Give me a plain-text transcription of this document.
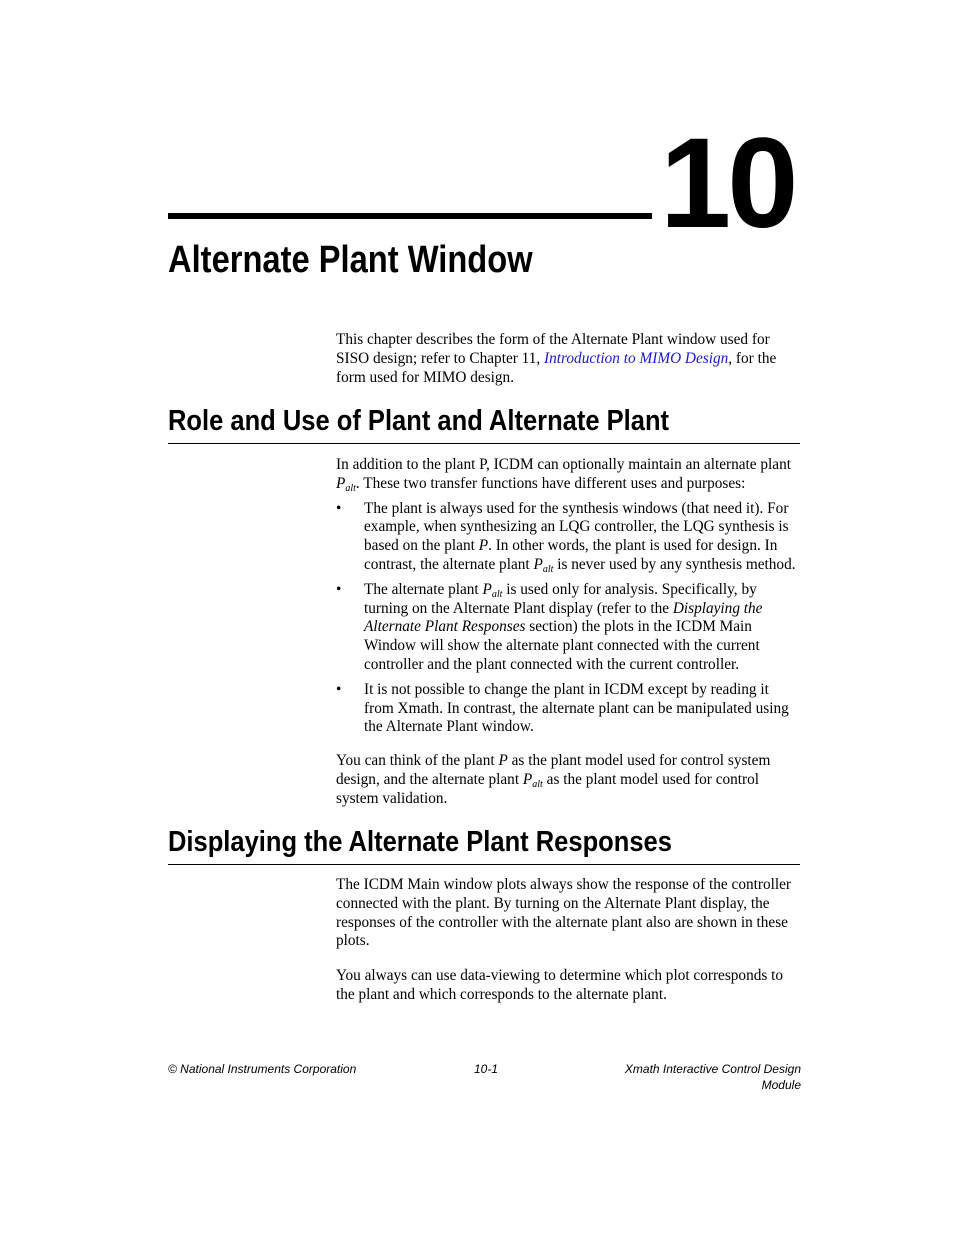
10
Alternate Plant Window

This chapter describes the form of the Alternate Plant window used for SISO design; refer to Chapter 11, Introduction to MIMO Design, for the form used for MIMO design.

Role and Use of Plant and Alternate Plant

In addition to the plant P, ICDM can optionally maintain an alternate plant $P_{alt}$. These two transfer functions have different uses and purposes:

• The plant is always used for the synthesis windows (that need it). For example, when synthesizing an LQG controller, the LQG synthesis is based on the plant P. In other words, the plant is used for design. In contrast, the alternate plant $P_{alt}$ is never used by any synthesis method.
• The alternate plant $P_{alt}$ is used only for analysis. Specifically, by turning on the Alternate Plant display (refer to the Displaying the Alternate Plant Responses section) the plots in the ICDM Main Window will show the alternate plant connected with the current controller and the plant connected with the current controller.
• It is not possible to change the plant in ICDM except by reading it from Xmath. In contrast, the alternate plant can be manipulated using the Alternate Plant window.

You can think of the plant P as the plant model used for control system design, and the alternate plant $P_{alt}$ as the plant model used for control system validation.

Displaying the Alternate Plant Responses

The ICDM Main window plots always show the response of the controller connected with the plant. By turning on the Alternate Plant display, the responses of the controller with the alternate plant also are shown in these plots.

You always can use data-viewing to determine which plot corresponds to the plant and which corresponds to the alternate plant.

© National Instruments Corporation	10-1	Xmath Interactive Control Design Module
